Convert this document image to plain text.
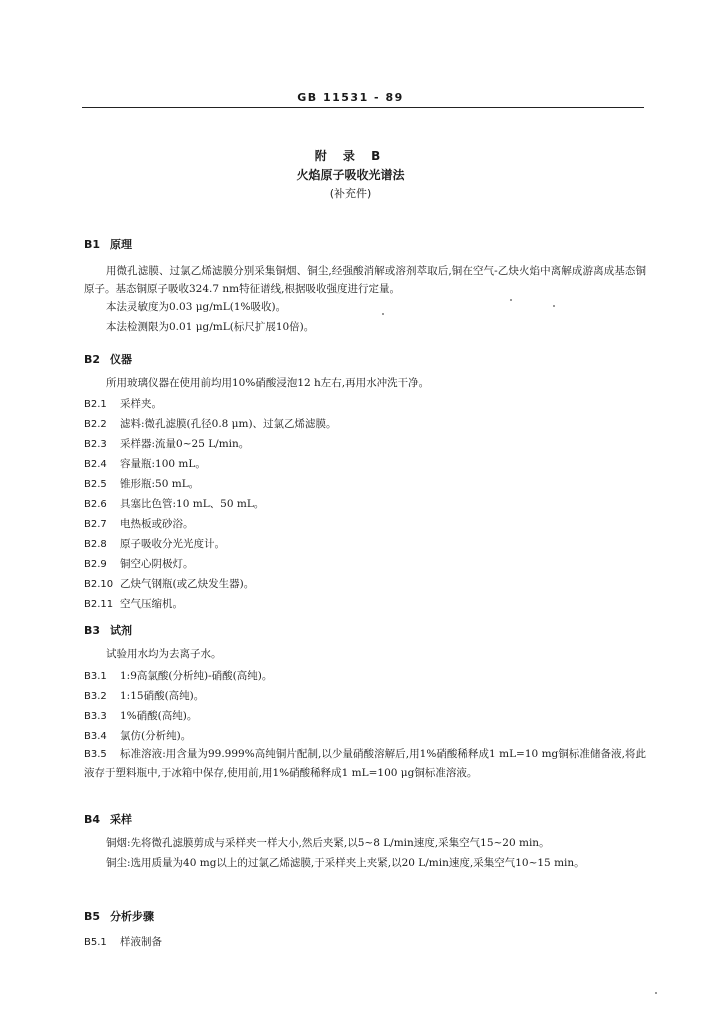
GB 11531 - 89
附 录 B
火焰原子吸收光谱法
(补充件)
B1 原理
用微孔滤膜、过氯乙烯滤膜分别采集铜烟、铜尘,经强酸消解或溶剂萃取后,铜在空气-乙炔火焰中离解成游离成基态铜原子。基态铜原子吸收324.7 nm特征谱线,根据吸收强度进行定量。
本法灵敏度为0.03 μg/mL(1%吸收)。
本法检测限为0.01 μg/mL(标尺扩展10倍)。
B2 仪器
所用玻璃仪器在使用前均用10%硝酸浸泡12 h左右,再用水冲洗干净。
B2.1 采样夹。
B2.2 滤料:微孔滤膜(孔径0.8 μm)、过氯乙烯滤膜。
B2.3 采样器:流量0~25 L/min。
B2.4 容量瓶:100 mL。
B2.5 锥形瓶:50 mL。
B2.6 具塞比色管:10 mL、50 mL。
B2.7 电热板或砂浴。
B2.8 原子吸收分光光度计。
B2.9 铜空心阴极灯。
B2.10 乙炔气钢瓶(或乙炔发生器)。
B2.11 空气压缩机。
B3 试剂
试验用水均为去离子水。
B3.1 1:9高氯酸(分析纯)-硝酸(高纯)。
B3.2 1:15硝酸(高纯)。
B3.3 1%硝酸(高纯)。
B3.4 氯仿(分析纯)。
B3.5 标准溶液:用含量为99.999%高纯铜片配制,以少量硝酸溶解后,用1%硝酸稀释成1 mL=10 mg铜标准储备液,将此液存于塑料瓶中,于冰箱中保存,使用前,用1%硝酸稀释成1 mL=100 μg铜标准溶液。
B4 采样
铜烟:先将微孔滤膜剪成与采样夹一样大小,然后夹紧,以5~8 L/min速度,采集空气15~20 min。
铜尘:选用质量为40 mg以上的过氯乙烯滤膜,于采样夹上夹紧,以20 L/min速度,采集空气10~15 min。
B5 分析步骤
B5.1 样液制备
